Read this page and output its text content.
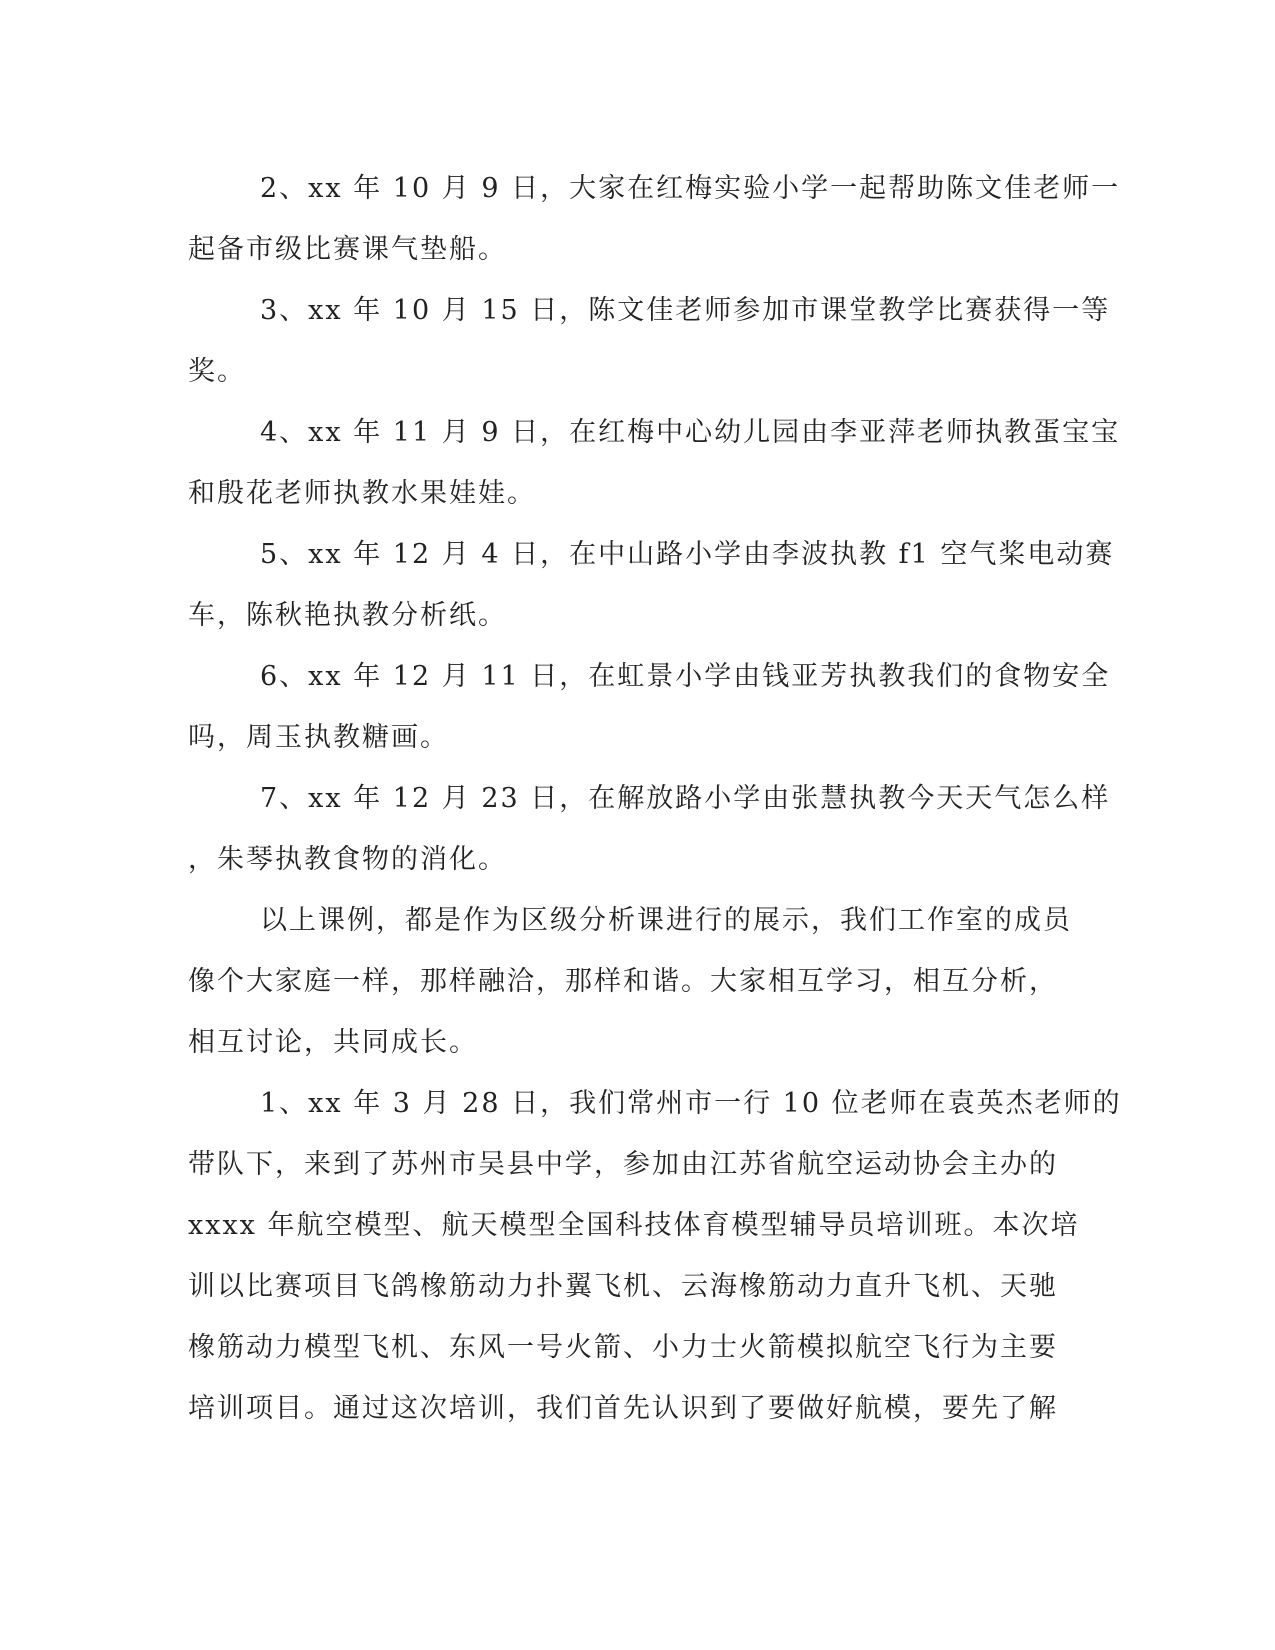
2、xx 年 10 月 9 日，大家在红梅实验小学一起帮助陈文佳老师一
起备市级比赛课气垫船。
3、xx 年 10 月 15 日，陈文佳老师参加市课堂教学比赛获得一等
奖。
4、xx 年 11 月 9 日，在红梅中心幼儿园由李亚萍老师执教蛋宝宝
和殷花老师执教水果娃娃。
5、xx 年 12 月 4 日，在中山路小学由李波执教 f1 空气桨电动赛
车，陈秋艳执教分析纸。
6、xx 年 12 月 11 日，在虹景小学由钱亚芳执教我们的食物安全
吗，周玉执教糖画。
7、xx 年 12 月 23 日，在解放路小学由张慧执教今天天气怎么样
，朱琴执教食物的消化。
以上课例，都是作为区级分析课进行的展示，我们工作室的成员
像个大家庭一样，那样融洽，那样和谐。大家相互学习，相互分析，
相互讨论，共同成长。
1、xx 年 3 月 28 日，我们常州市一行 10 位老师在袁英杰老师的
带队下，来到了苏州市吴县中学，参加由江苏省航空运动协会主办的
xxxx 年航空模型、航天模型全国科技体育模型辅导员培训班。本次培
训以比赛项目飞鸽橡筋动力扑翼飞机、云海橡筋动力直升飞机、天驰
橡筋动力模型飞机、东风一号火箭、小力士火箭模拟航空飞行为主要
培训项目。通过这次培训，我们首先认识到了要做好航模，要先了解
